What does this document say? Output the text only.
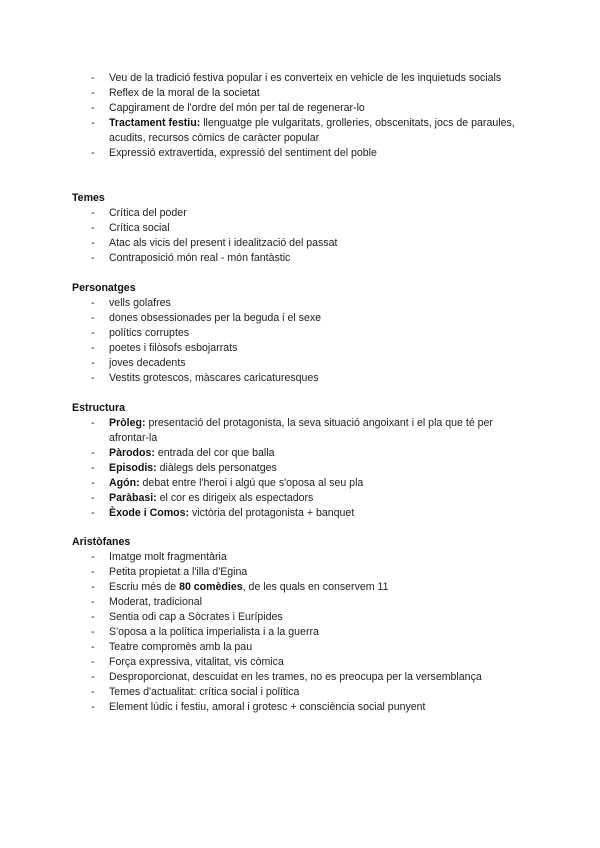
-	Veu de la tradició festiva popular i es converteix en vehicle de les inquietuds socials
-	Reflex de la moral de la societat
-	Capgirament de l'ordre del món per tal de regenerar-lo
-	Tractament festiu: llenguatge ple vulgaritats, grolleries, obscenitats, jocs de paraules, acudits, recursos còmics de caràcter popular
-	Expressió extravertida, expressió del sentiment del poble
Temes
-	Crítica del poder
-	Crítica social
-	Atac als vicis del present i idealització del passat
-	Contraposició món real - món fantàstic
Personatges
-	vells golafres
-	dones obsessionades per la beguda i el sexe
-	polítics corruptes
-	poetes i filòsofs esbojarrats
-	joves decadents
-	Vestits grotescos, màscares caricaturesques
Estructura
-	Pròleg: presentació del protagonista, la seva situació angoixant i el pla que té per afrontar-la
-	Pàrodos: entrada del cor que balla
-	Episodis: diàlegs dels personatges
-	Agón: debat entre l'heroi i algú que s'oposa al seu pla
-	Paràbasi: el cor es dirigeix als espectadors
-	Èxode i Comos: victòria del protagonista + banquet
Aristòfanes
-	Imatge molt fragmentària
-	Petita propietat a l'illa d'Egina
-	Escriu més de 80 comèdies, de les quals en conservem 11
-	Moderat, tradicional
-	Sentia odi cap a Sòcrates i Eurípides
-	S'oposa a la política imperialista i a la guerra
-	Teatre compromès amb la pau
-	Força expressiva, vitalitat, vis còmica
-	Desproporcionat, descuidat en les trames, no es preocupa per la versemblança
-	Temes d'actualitat: crítica social i política
-	Element lúdic i festiu, amoral i grotesc + consciència social punyent
